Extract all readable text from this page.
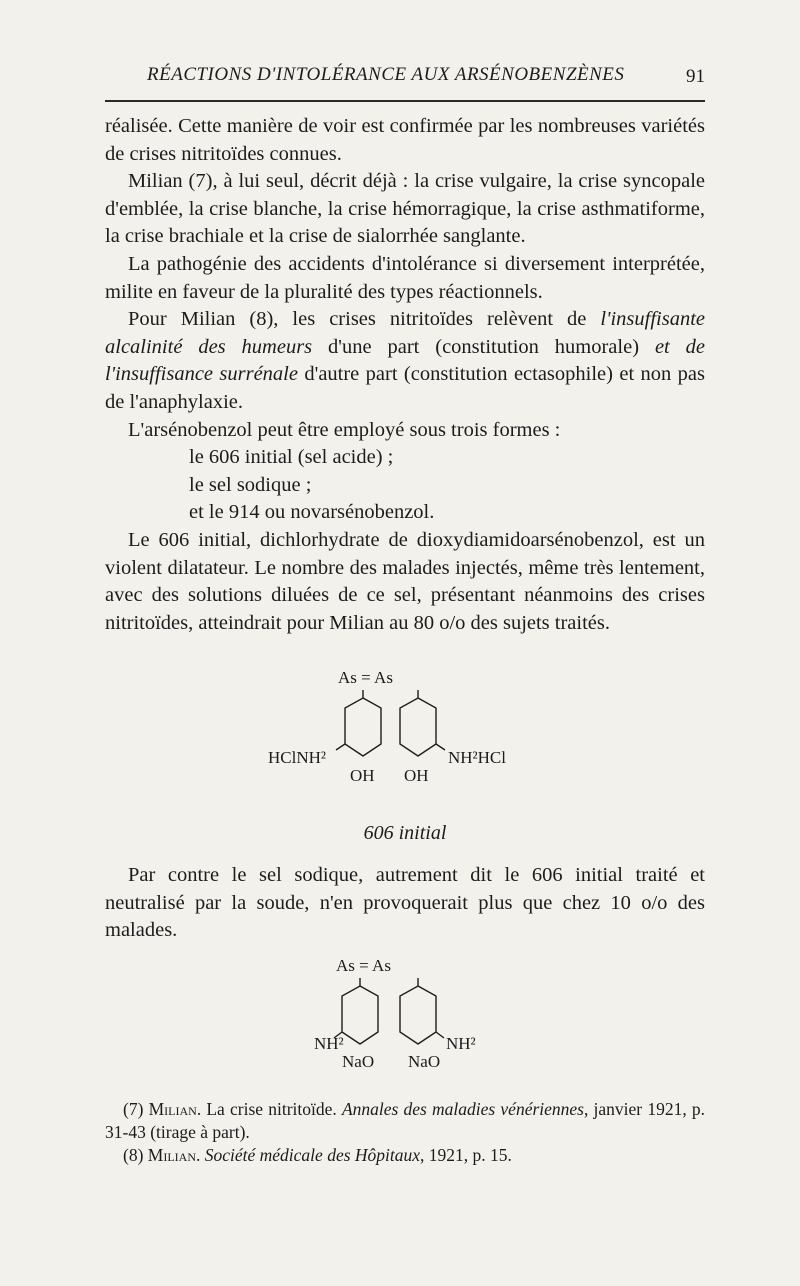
RÉACTIONS D'INTOLÉRANCE AUX ARSÉNOBENZÈNES	91

réalisée. Cette manière de voir est confirmée par les nombreuses variétés de crises nitritoïdes connues.

Milian (7), à lui seul, décrit déjà : la crise vulgaire, la crise syncopale d'emblée, la crise blanche, la crise hémorragique, la crise asthmatiforme, la crise brachiale et la crise de sialorrhée sanglante.

La pathogénie des accidents d'intolérance si diversement interprétée, milite en faveur de la pluralité des types réactionnels.

Pour Milian (8), les crises nitritoïdes relèvent de l'insuffisante alcalinité des humeurs d'une part (constitution humorale) et de l'insuffisance surrénale d'autre part (constitution ectasophile) et non pas de l'anaphylaxie.

L'arsénobenzol peut être employé sous trois formes :

le 606 initial (sel acide) ;

le sel sodique ;

et le 914 ou novarsénobenzol.

Le 606 initial, dichlorhydrate de dioxydiamidoarsénobenzol, est un violent dilatateur. Le nombre des malades injectés, même très lentement, avec des solutions diluées de ce sel, présentant néanmoins des crises nitritoïdes, atteindrait pour Milian au 80 o/o des sujets traités.

As = As
HClNH²	NH²HCl
OH OH
606 initial

Par contre le sel sodique, autrement dit le 606 initial traité et neutralisé par la soude, n'en provoquerait plus que chez 10 o/o des malades.

As = As
NH²	NH²
NaO NaO

(7) Milian. La crise nitritoïde. Annales des maladies vénériennes, janvier 1921, p. 31-43 (tirage à part).

(8) Milian. Société médicale des Hôpitaux, 1921, p. 15.
